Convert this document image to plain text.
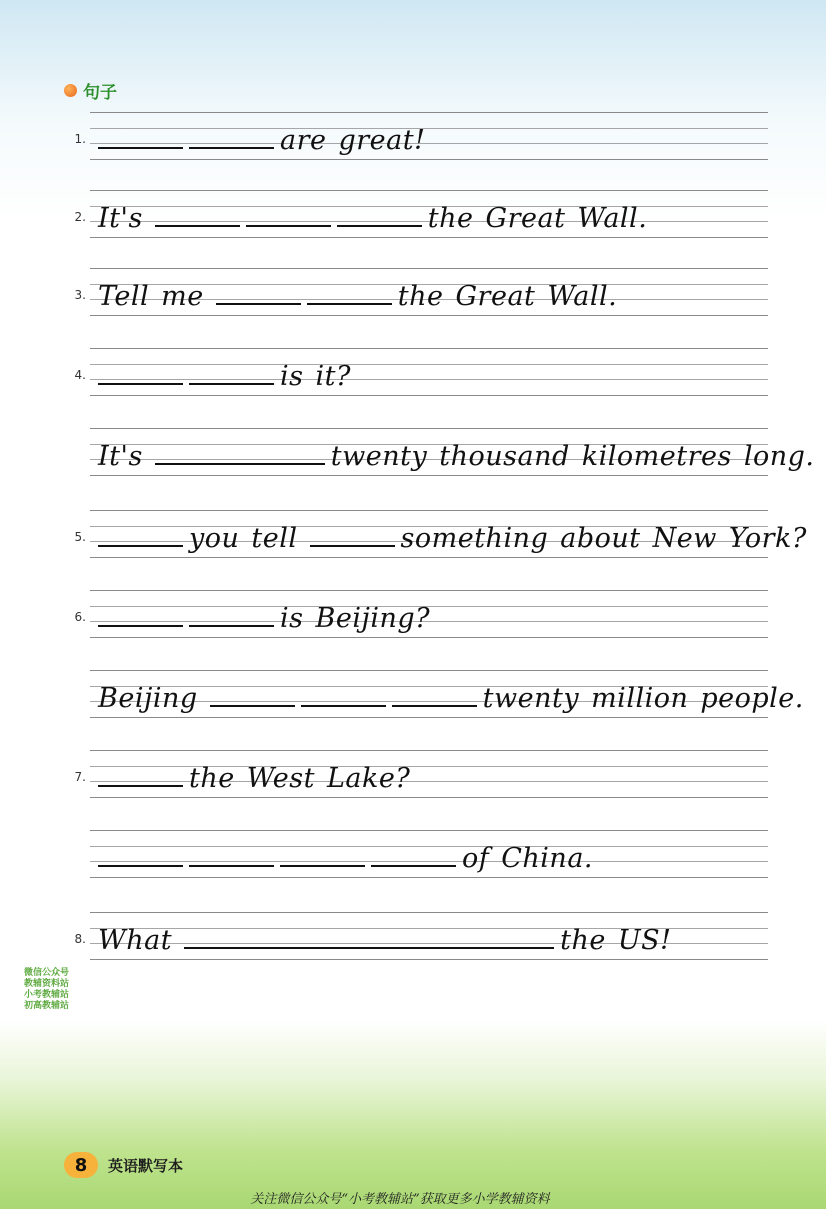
句子
1.	are great!
2. It's	the Great Wall.
3. Tell me	the Great Wall.
4.	is it?
It's	twenty thousand kilometres long.
5.	you tell	something about New York?
6.	is Beijing?
Beijing	twenty million people.
7.	the West Lake?
of China.
8. What	the US!
微信公众号
教辅资料站
小考教辅站
初高教辅站
8	英语默写本
关注微信公众号“小考教辅站”获取更多小学教辅资料
